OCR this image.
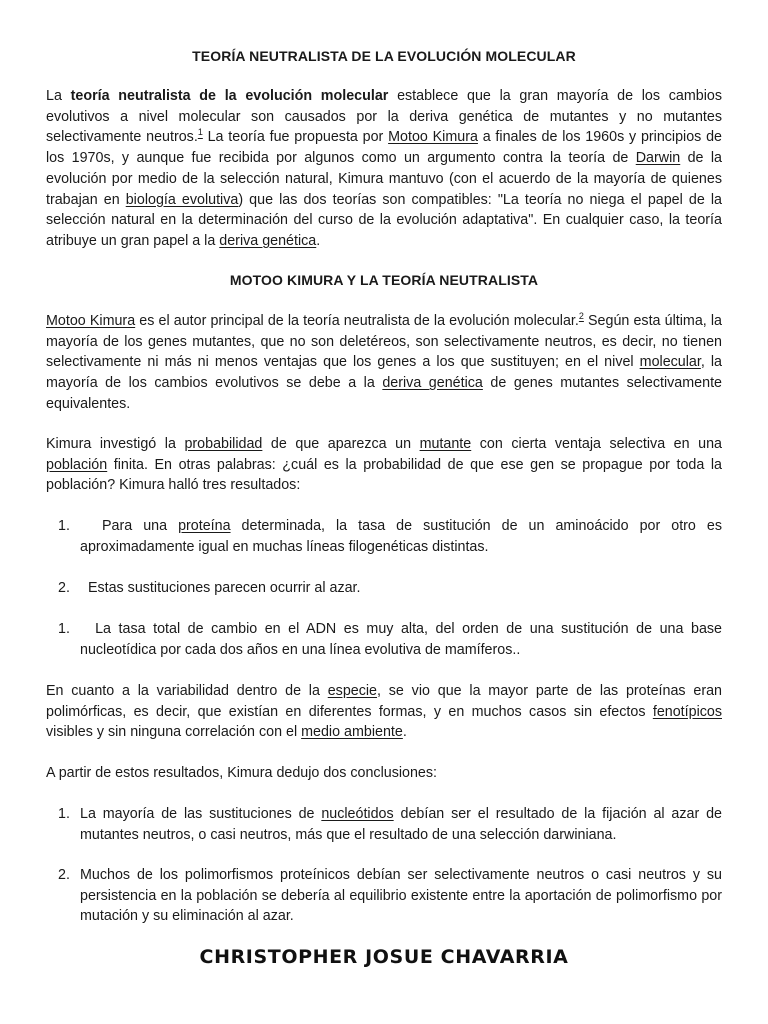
TEORÍA NEUTRALISTA DE LA EVOLUCIÓN MOLECULAR
La teoría neutralista de la evolución molecular establece que la gran mayoría de los cambios evolutivos a nivel molecular son causados por la deriva genética de mutantes y no mutantes selectivamente neutros.$^1$ La teoría fue propuesta por Motoo Kimura a finales de los 1960s y principios de los 1970s, y aunque fue recibida por algunos como un argumento contra la teoría de Darwin de la evolución por medio de la selección natural, Kimura mantuvo (con el acuerdo de la mayoría de quienes trabajan en biología evolutiva) que las dos teorías son compatibles: "La teoría no niega el papel de la selección natural en la determinación del curso de la evolución adaptativa". En cualquier caso, la teoría atribuye un gran papel a la deriva genética.
MOTOO KIMURA Y LA TEORÍA NEUTRALISTA
Motoo Kimura es el autor principal de la teoría neutralista de la evolución molecular.$^2$ Según esta última, la mayoría de los genes mutantes, que no son deletéreos, son selectivamente neutros, es decir, no tienen selectivamente ni más ni menos ventajas que los genes a los que sustituyen; en el nivel molecular, la mayoría de los cambios evolutivos se debe a la deriva genética de genes mutantes selectivamente equivalentes.
Kimura investigó la probabilidad de que aparezca un mutante con cierta ventaja selectiva en una población finita. En otras palabras: ¿cuál es la probabilidad de que ese gen se propague por toda la población? Kimura halló tres resultados:
1. Para una proteína determinada, la tasa de sustitución de un aminoácido por otro es aproximadamente igual en muchas líneas filogenéticas distintas.
2. Estas sustituciones parecen ocurrir al azar.
1. La tasa total de cambio en el ADN es muy alta, del orden de una sustitución de una base nucleotídica por cada dos años en una línea evolutiva de mamíferos..
En cuanto a la variabilidad dentro de la especie, se vio que la mayor parte de las proteínas eran polimórficas, es decir, que existían en diferentes formas, y en muchos casos sin efectos fenotípicos visibles y sin ninguna correlación con el medio ambiente.
A partir de estos resultados, Kimura dedujo dos conclusiones:
1. La mayoría de las sustituciones de nucleótidos debían ser el resultado de la fijación al azar de mutantes neutros, o casi neutros, más que el resultado de una selección darwiniana.
2. Muchos de los polimorfismos proteínicos debían ser selectivamente neutros o casi neutros y su persistencia en la población se debería al equilibrio existente entre la aportación de polimorfismo por mutación y su eliminación al azar.
CHRISTOPHER JOSUE CHAVARRIA
